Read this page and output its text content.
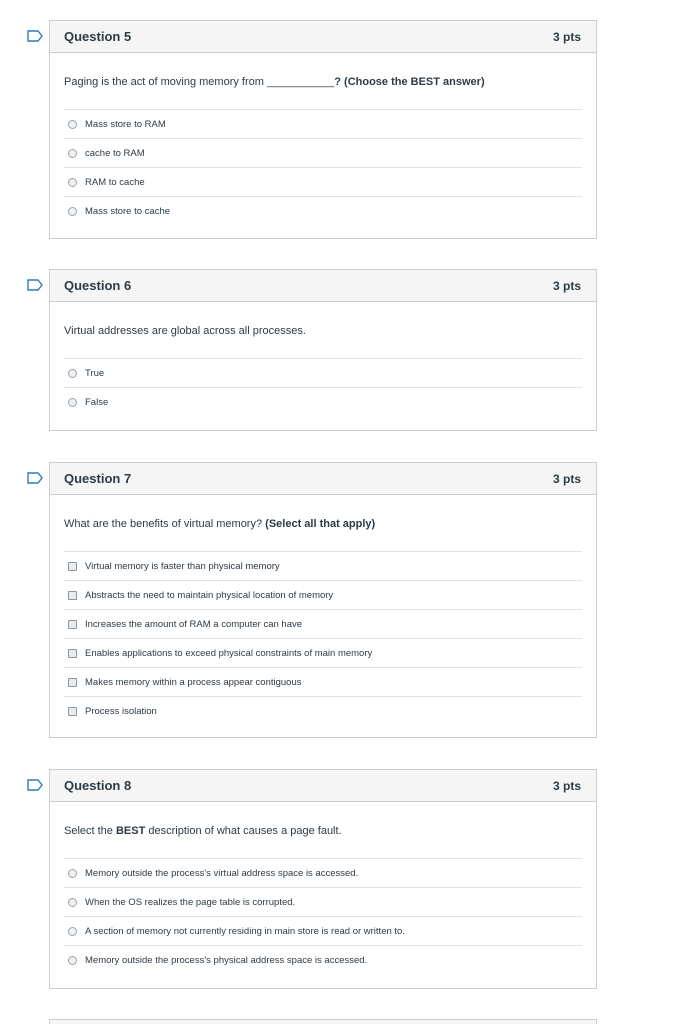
Question 5	3 pts
Paging is the act of moving memory from ___________? (Choose the BEST answer)
Mass store to RAM
cache to RAM
RAM to cache
Mass store to cache
Question 6	3 pts
Virtual addresses are global across all processes.
True
False
Question 7	3 pts
What are the benefits of virtual memory? (Select all that apply)
Virtual memory is faster than physical memory
Abstracts the need to maintain physical location of memory
Increases the amount of RAM a computer can have
Enables applications to exceed physical constraints of main memory
Makes memory within a process appear contiguous
Process isolation
Question 8	3 pts
Select the BEST description of what causes a page fault.
Memory outside the process's virtual address space is accessed.
When the OS realizes the page table is corrupted.
A section of memory not currently residing in main store is read or written to.
Memory outside the process's physical address space is accessed.
